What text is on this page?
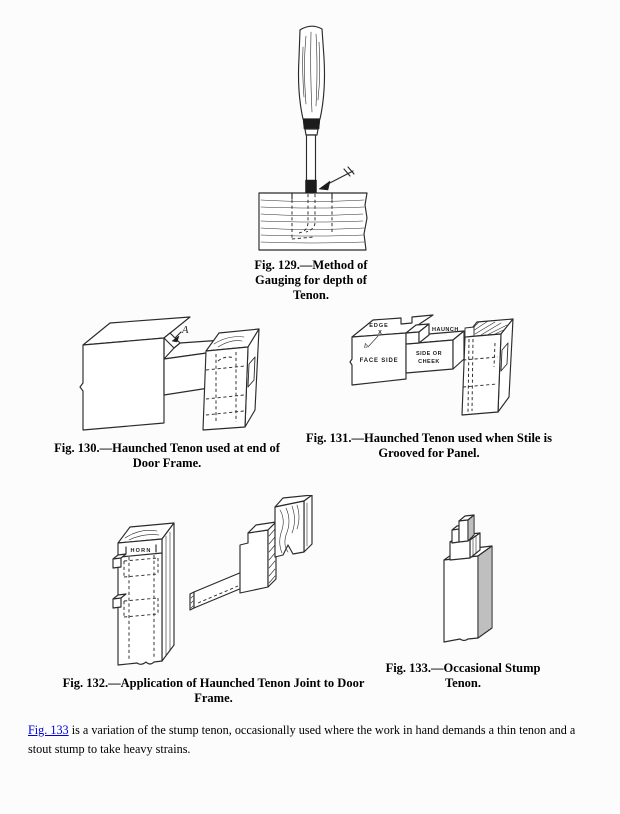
Fig. 129.—Method of
Gauging for depth of
Tenon.
A
Fig. 130.—Haunched Tenon used at end of
Door Frame.
EDGE
X
b
FACE SIDE
SIDE OR
CHEEK
HAUNCH
Fig. 131.—Haunched Tenon used when Stile is
Grooved for Panel.
HORN
Fig. 132.—Application of Haunched Tenon Joint to Door
Frame.
Fig. 133.—Occasional Stump
Tenon.

Fig. 133 is a variation of the stump tenon, occasionally used where the work in hand demands a thin tenon and a
stout stump to take heavy strains.
